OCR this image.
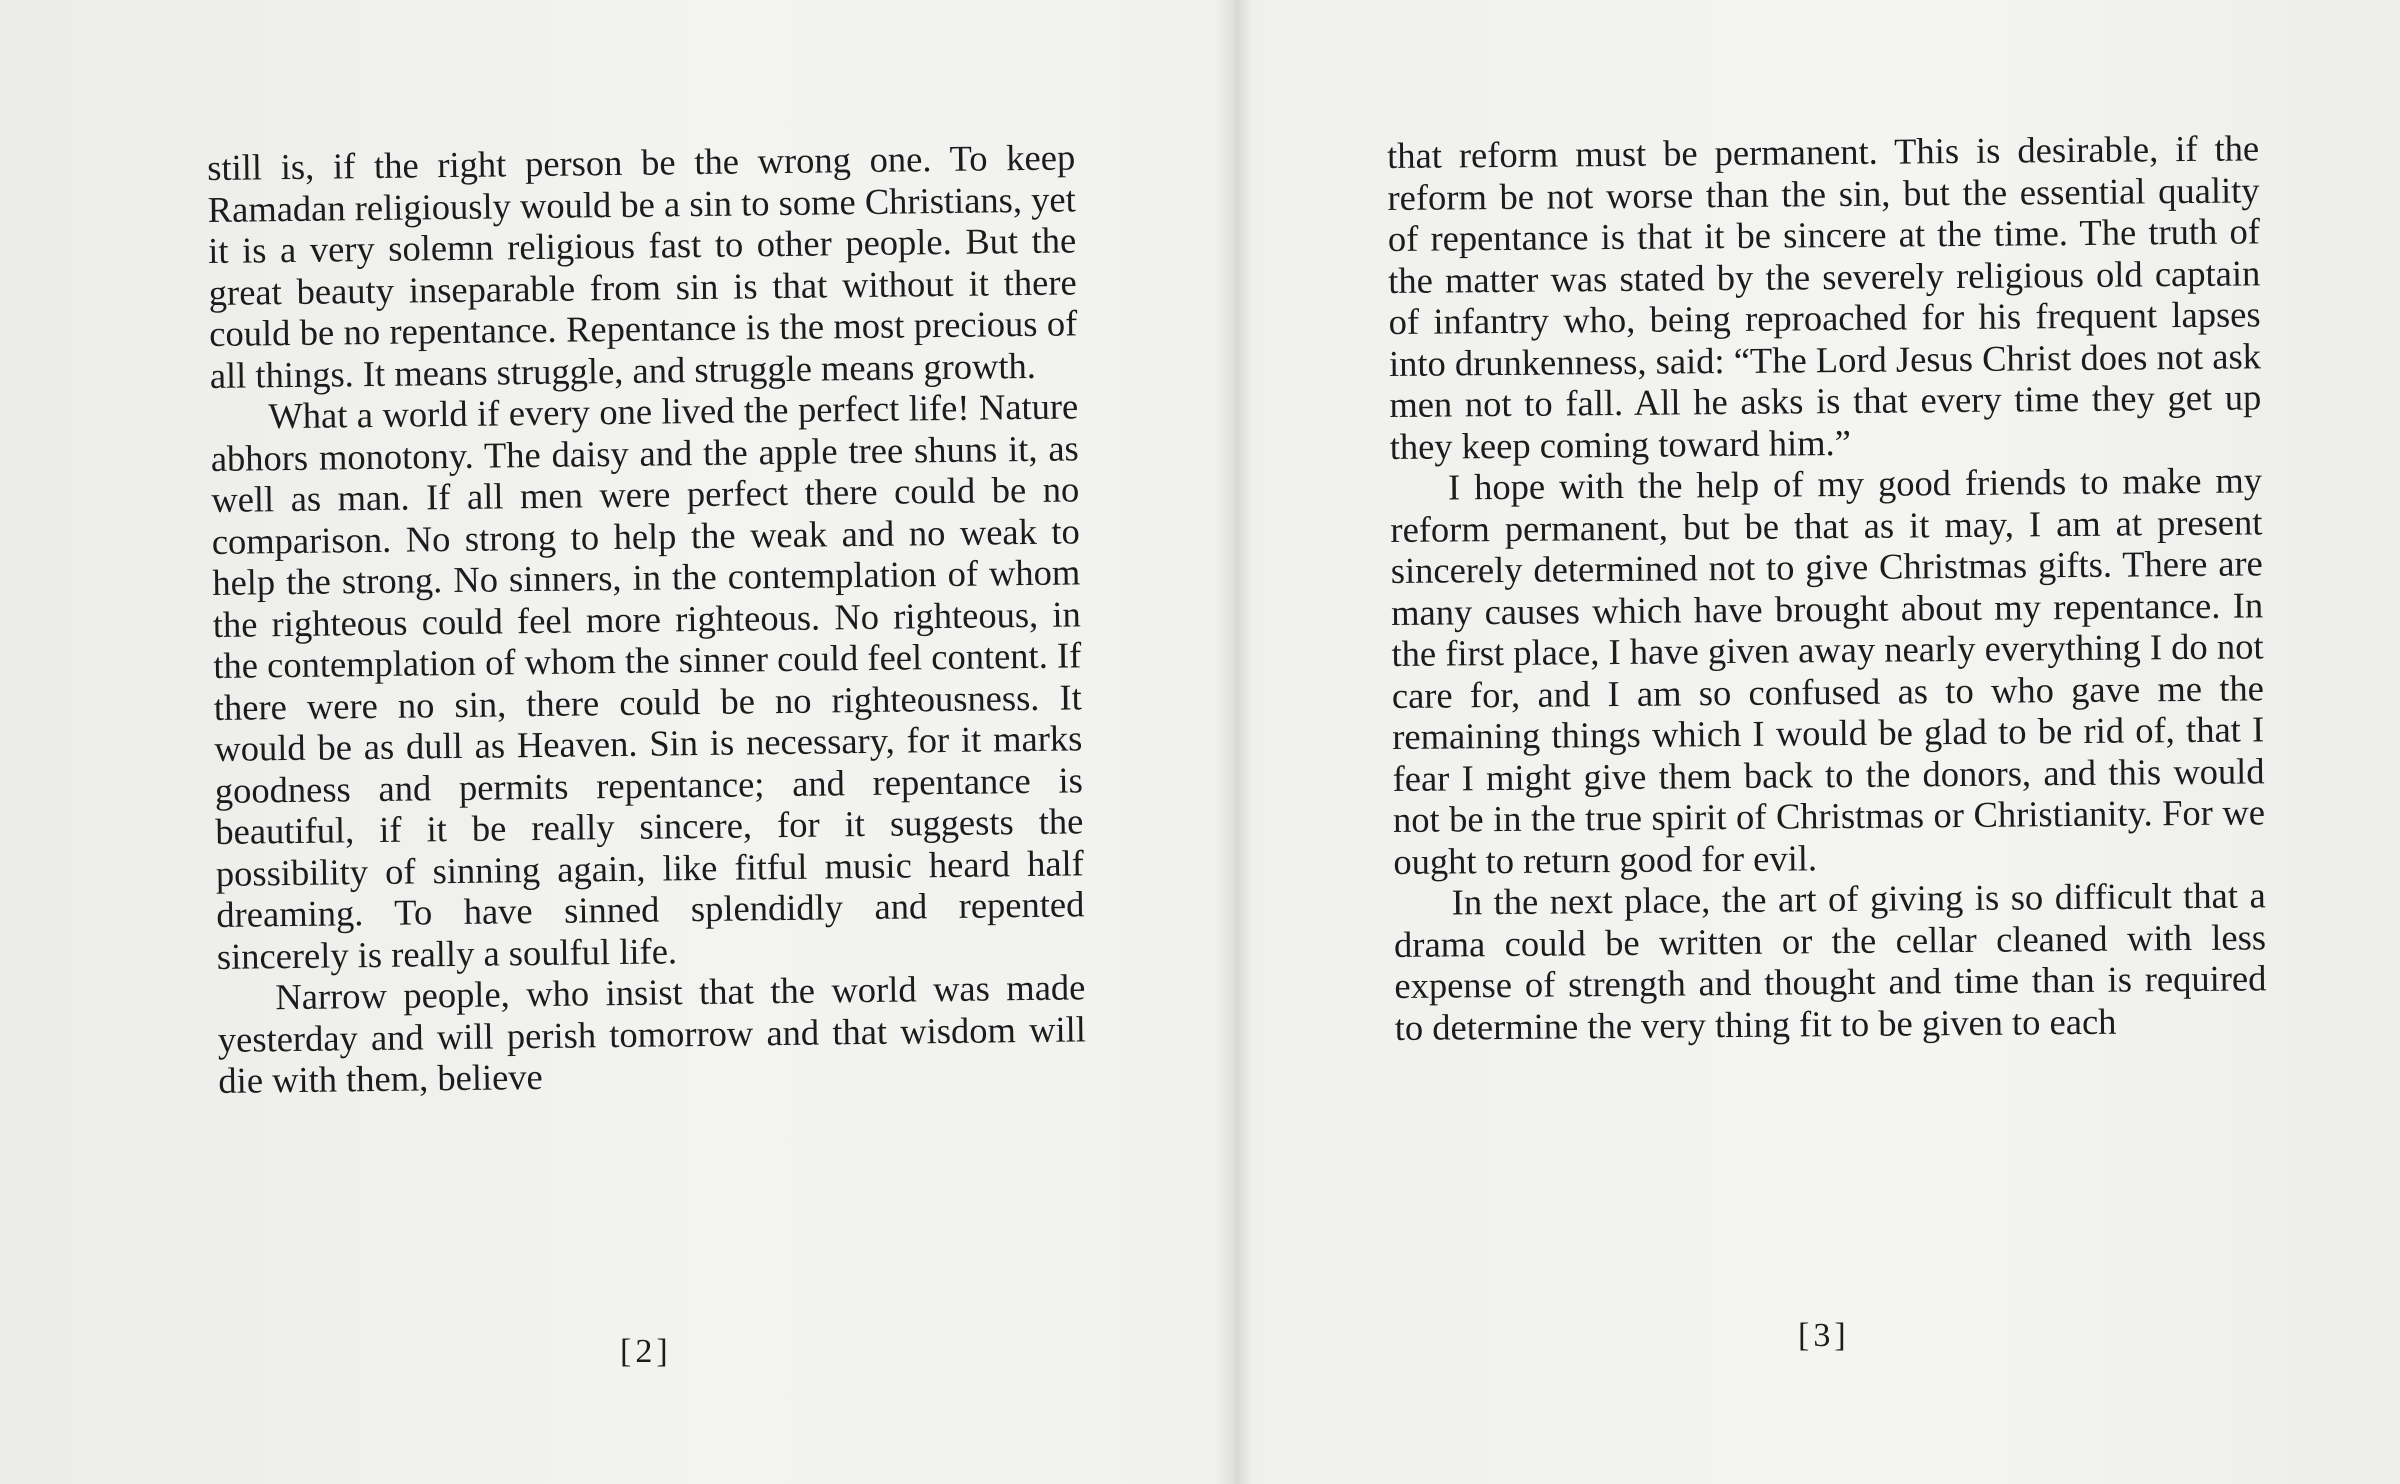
still is, if the right person be the wrong one. To keep Ramadan religiously would be a sin to some Christians, yet it is a very solemn religious fast to other people. But the great beauty inseparable from sin is that without it there could be no repentance. Repentance is the most precious of all things. It means struggle, and struggle means growth.

What a world if every one lived the perfect life! Nature abhors monotony. The daisy and the apple tree shuns it, as well as man. If all men were perfect there could be no comparison. No strong to help the weak and no weak to help the strong. No sinners, in the contemplation of whom the righteous could feel more righteous. No righteous, in the contemplation of whom the sinner could feel content. If there were no sin, there could be no righteousness. It would be as dull as Heaven. Sin is necessary, for it marks goodness and permits repentance; and repentance is beautiful, if it be really sincere, for it suggests the possibility of sinning again, like fitful music heard half dreaming. To have sinned splendidly and repented sincerely is really a soulful life.

Narrow people, who insist that the world was made yesterday and will perish tomorrow and that wisdom will die with them, believe

[2]

that reform must be permanent. This is desirable, if the reform be not worse than the sin, but the essential quality of repentance is that it be sincere at the time. The truth of the matter was stated by the severely religious old captain of infantry who, being reproached for his frequent lapses into drunkenness, said: “The Lord Jesus Christ does not ask men not to fall. All he asks is that every time they get up they keep coming toward him.”

I hope with the help of my good friends to make my reform permanent, but be that as it may, I am at present sincerely determined not to give Christmas gifts. There are many causes which have brought about my repentance. In the first place, I have given away nearly everything I do not care for, and I am so confused as to who gave me the remaining things which I would be glad to be rid of, that I fear I might give them back to the donors, and this would not be in the true spirit of Christmas or Christianity. For we ought to return good for evil.

In the next place, the art of giving is so difficult that a drama could be written or the cellar cleaned with less expense of strength and thought and time than is required to determine the very thing fit to be given to each

[3]
